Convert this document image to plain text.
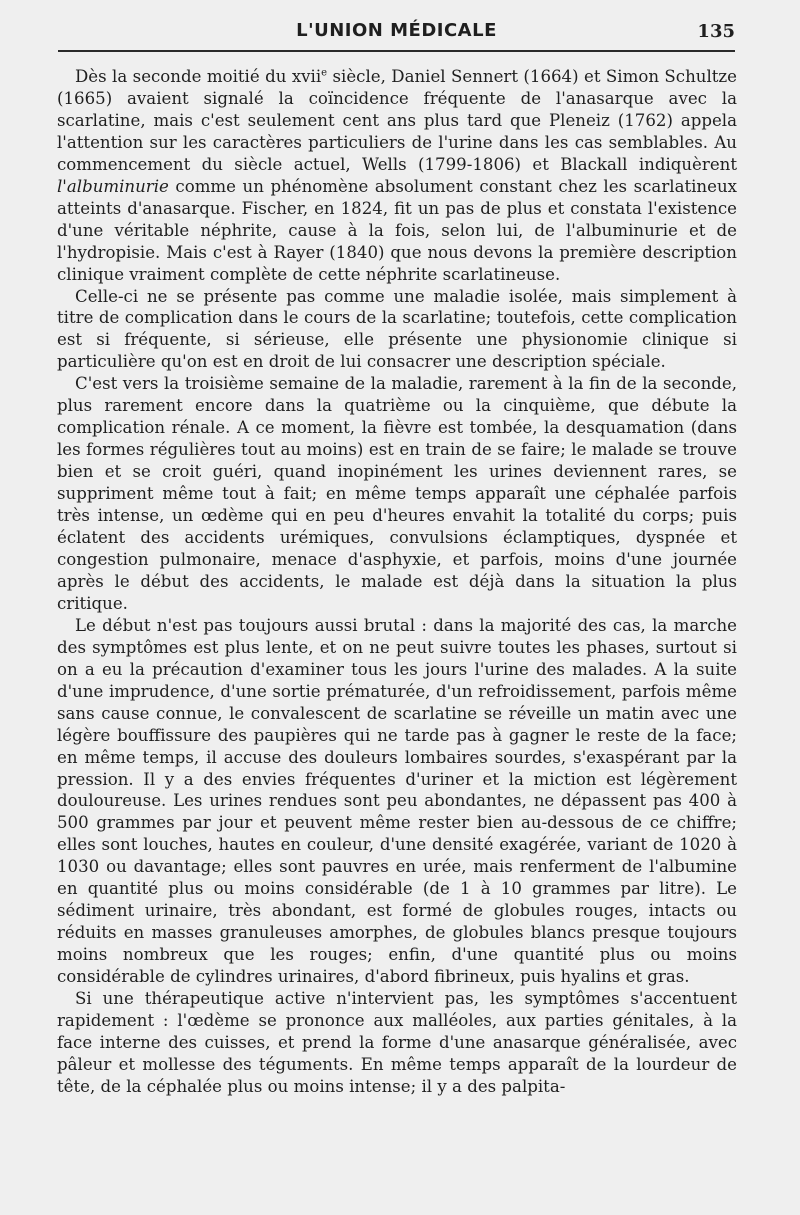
L'UNION MÉDICALE	135

Dès la seconde moitié du xvii$^e$ siècle, Daniel Sennert (1664) et Simon Schultze (1665) avaient signalé la coïncidence fréquente de l'anasarque avec la scarlatine, mais c'est seulement cent ans plus tard que Pleneiz (1762) appela l'attention sur les caractères particuliers de l'urine dans les cas semblables. Au commencement du siècle actuel, Wells (1799-1806) et Blackall indiquèrent l'albuminurie comme un phénomène absolument constant chez les scarlatineux atteints d'anasarque. Fischer, en 1824, fit un pas de plus et constata l'existence d'une véritable néphrite, cause à la fois, selon lui, de l'albuminurie et de l'hydropisie. Mais c'est à Rayer (1840) que nous devons la première description clinique vraiment complète de cette néphrite scarlatineuse.

Celle-ci ne se présente pas comme une maladie isolée, mais simplement à titre de complication dans le cours de la scarlatine; toutefois, cette complication est si fréquente, si sérieuse, elle présente une physionomie clinique si particulière qu'on est en droit de lui consacrer une description spéciale.

C'est vers la troisième semaine de la maladie, rarement à la fin de la seconde, plus rarement encore dans la quatrième ou la cinquième, que débute la complication rénale. A ce moment, la fièvre est tombée, la desquamation (dans les formes régulières tout au moins) est en train de se faire; le malade se trouve bien et se croit guéri, quand inopinément les urines deviennent rares, se suppriment même tout à fait; en même temps apparaît une céphalée parfois très intense, un œdème qui en peu d'heures envahit la totalité du corps; puis éclatent des accidents urémiques, convulsions éclamptiques, dyspnée et congestion pulmonaire, menace d'asphyxie, et parfois, moins d'une journée après le début des accidents, le malade est déjà dans la situation la plus critique.

Le début n'est pas toujours aussi brutal : dans la majorité des cas, la marche des symptômes est plus lente, et on ne peut suivre toutes les phases, surtout si on a eu la précaution d'examiner tous les jours l'urine des malades. A la suite d'une imprudence, d'une sortie prématurée, d'un refroidissement, parfois même sans cause connue, le convalescent de scarlatine se réveille un matin avec une légère bouffissure des paupières qui ne tarde pas à gagner le reste de la face; en même temps, il accuse des douleurs lombaires sourdes, s'exaspérant par la pression. Il y a des envies fréquentes d'uriner et la miction est légèrement douloureuse. Les urines rendues sont peu abondantes, ne dépassent pas 400 à 500 grammes par jour et peuvent même rester bien au-dessous de ce chiffre; elles sont louches, hautes en couleur, d'une densité exagérée, variant de 1020 à 1030 ou davantage; elles sont pauvres en urée, mais renferment de l'albumine en quantité plus ou moins considérable (de 1 à 10 grammes par litre). Le sédiment urinaire, très abondant, est formé de globules rouges, intacts ou réduits en masses granuleuses amorphes, de globules blancs presque toujours moins nombreux que les rouges; enfin, d'une quantité plus ou moins considérable de cylindres urinaires, d'abord fibrineux, puis hyalins et gras.

Si une thérapeutique active n'intervient pas, les symptômes s'accentuent rapidement : l'œdème se prononce aux malléoles, aux parties génitales, à la face interne des cuisses, et prend la forme d'une anasarque généralisée, avec pâleur et mollesse des téguments. En même temps apparaît de la lourdeur de tête, de la céphalée plus ou moins intense; il y a des palpita-
